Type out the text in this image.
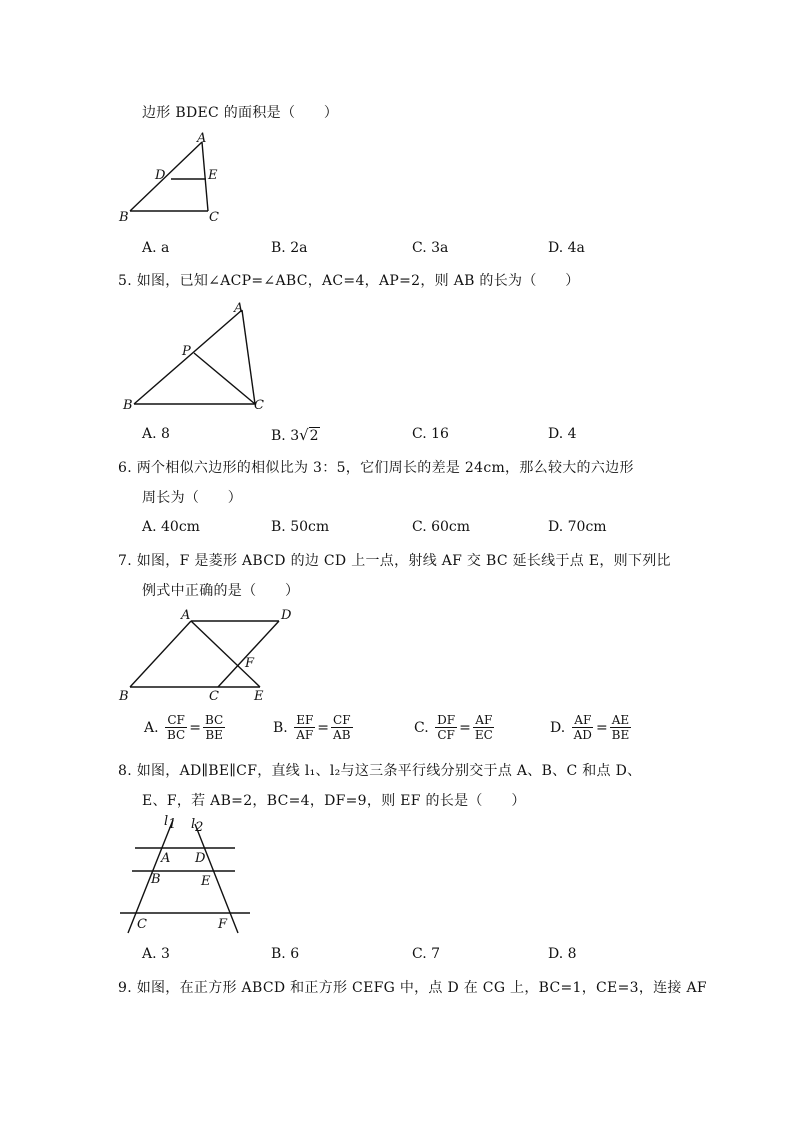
边形 BDEC 的面积是（　　）
A
D	E
B	C
A. a	B. 2a	C. 3a	D. 4a
5. 如图，已知∠ACP=∠ABC，AC=4，AP=2，则 AB 的长为（　　）
A
P
B	C
A. 8	B. 3√2	C. 16	D. 4
6. 两个相似六边形的相似比为 3：5，它们周长的差是 24cm，那么较大的六边形
周长为（　　）
A. 40cm	B. 50cm	C. 60cm	D. 70cm
7. 如图，F 是菱形 ABCD 的边 CD 上一点，射线 AF 交 BC 延长线于点 E，则下列比
例式中正确的是（　　）
A	D
F
B	C	E
A. $\frac{CF}{BC} = \frac{BC}{BE}$	B. $\frac{EF}{AF} = \frac{CF}{AB}$	C. $\frac{DF}{CF} = \frac{AF}{EC}$	D. $\frac{AF}{AD} = \frac{AE}{BE}$
8. 如图，AD∥BE∥CF，直线 l₁、l₂与这三条平行线分别交于点 A、B、C 和点 D、
E、F，若 AB=2，BC=4，DF=9，则 EF 的长是（　　）
l1 l2
A D
B	E
C	F
A. 3	B. 6	C. 7	D. 8
9. 如图，在正方形 ABCD 和正方形 CEFG 中，点 D 在 CG 上，BC=1，CE=3，连接 AF
